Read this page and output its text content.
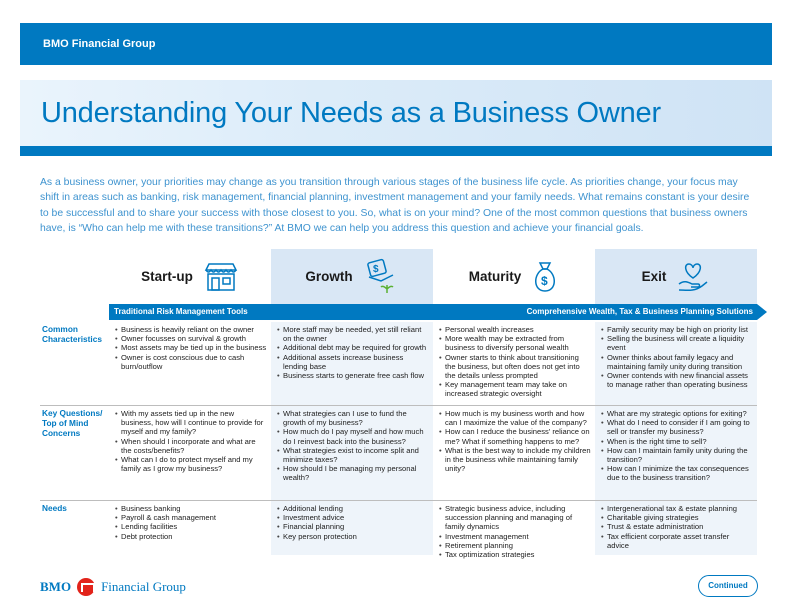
BMO Financial Group
Understanding Your Needs as a Business Owner

As a business owner, your priorities may change as you transition through various stages of the business life cycle. As priorities change, your focus may shift in areas such as banking, risk management, financial planning, investment management and your family needs. What remains constant is your desire to be successful and to share your success with those closest to you. So, what is on your mind? One of the most common questions that business owners have, is “Who can help me with these transitions?” At BMO we can help you address this question and achieve your financial goals.

Start-up	Growth $	Maturity $	Exit
Traditional Risk Management Tools	Comprehensive Wealth, Tax & Business Planning Solutions
Common Characteristics
• Business is heavily reliant on the owner
• Owner focusses on survival & growth
• Most assets may be tied up in the business
• Owner is cost conscious due to cash burn/outflow
• More staff may be needed, yet still reliant on the owner
• Additional debt may be required for growth
• Additional assets increase business lending base
• Business starts to generate free cash flow
• Personal wealth increases
• More wealth may be extracted from business to diversify personal wealth
• Owner starts to think about transitioning the business, but often does not get into the details unless prompted
• Key management team may take on increased strategic oversight
• Family security may be high on priority list
• Selling the business will create a liquidity event
• Owner thinks about family legacy and maintaining family unity during transition
• Owner contends with new financial assets to manage rather than operating business
Key Questions/ Top of Mind Concerns
• With my assets tied up in the new business, how will I continue to provide for myself and my family?
• When should I incorporate and what are the costs/benefits?
• What can I do to protect myself and my family as I grow my business?
• What strategies can I use to fund the growth of my business?
• How much do I pay myself and how much do I reinvest back into the business?
• What strategies exist to income split and minimize taxes?
• How should I be managing my personal wealth?
• How much is my business worth and how can I maximize the value of the company?
• How can I reduce the business' reliance on me? What if something happens to me?
• What is the best way to include my children in the business while maintaining family unity?
• What are my strategic options for exiting?
• What do I need to consider if I am going to sell or transfer my business?
• When is the right time to sell?
• How can I maintain family unity during the transition?
• How can I minimize the tax consequences due to the business transition?
Needs
•	Business banking
• Payroll & cash management
• Lending facilities
• Debt protection
• Additional lending
• Investment advice
• Financial planning
• Key person protection
• Strategic business advice, including succession planning and managing of family dynamics
• Investment management
• Retirement planning
• Tax optimization strategies
• Intergenerational tax & estate planning
• Charitable giving strategies
• Trust & estate administration
• Tax efficient corporate asset transfer advice
BMO Financial Group	Continued
